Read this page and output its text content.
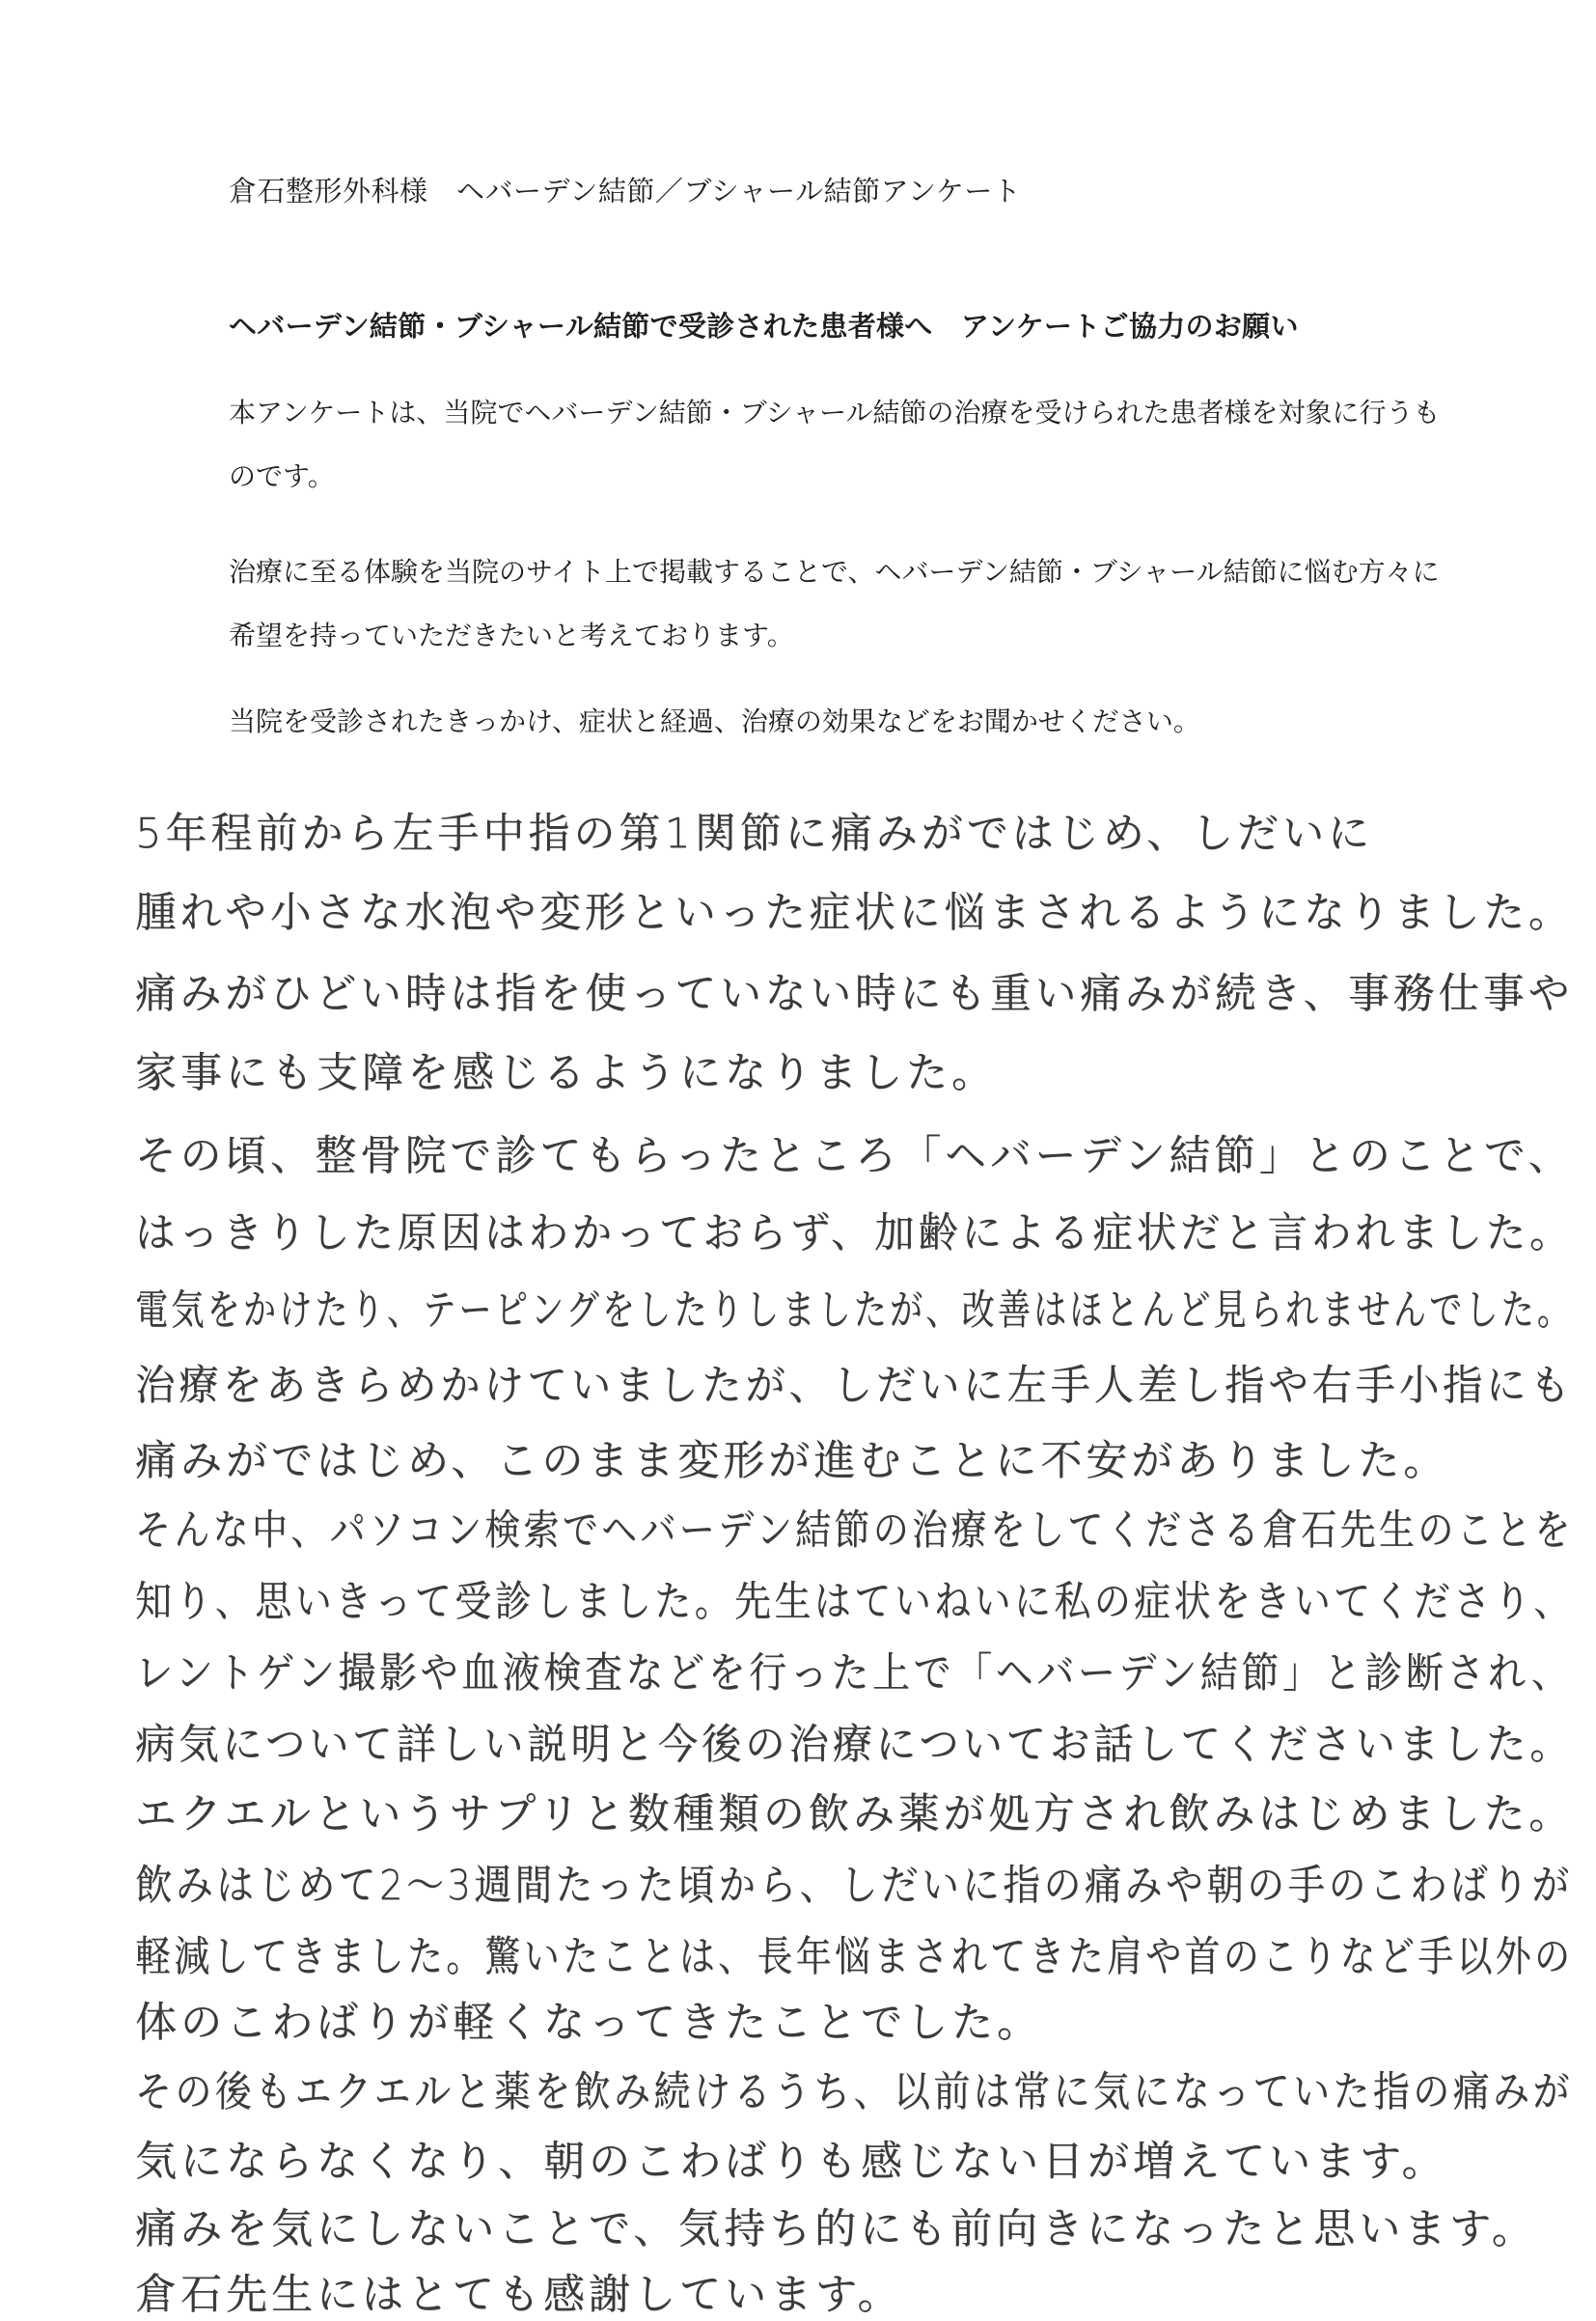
倉石整形外科様　ヘバーデン結節／ブシャール結節アンケート
ヘバーデン結節・ブシャール結節で受診された患者様へ　アンケートご協力のお願い
本アンケートは、当院でヘバーデン結節・ブシャール結節の治療を受けられた患者様を対象に行うものです。
治療に至る体験を当院のサイト上で掲載することで、ヘバーデン結節・ブシャール結節に悩む方々に希望を持っていただきたいと考えております。
当院を受診されたきっかけ、症状と経過、治療の効果などをお聞かせください。
5年程前から左手中指の第1関節に痛みがではじめ、しだいに
腫れや小さな水泡や変形といった症状に悩まされるようになりました。
痛みがひどい時は指を使っていない時にも重い痛みが続き、事務仕事や
家事にも支障を感じるようになりました。
その頃、整骨院で診てもらったところ「ヘバーデン結節」とのことで、
はっきりした原因はわかっておらず、加齢による症状だと言われました。
電気をかけたり、テーピングをしたりしましたが、改善はほとんど見られませんでした。
治療をあきらめかけていましたが、しだいに左手人差し指や右手小指にも
痛みがではじめ、このまま変形が進むことに不安がありました。
そんな中、パソコン検索でヘバーデン結節の治療をしてくださる倉石先生のことを
知り、思いきって受診しました。先生はていねいに私の症状をきいてくださり、
レントゲン撮影や血液検査などを行った上で「ヘバーデン結節」と診断され、
病気について詳しい説明と今後の治療についてお話してくださいました。
エクエルというサプリと数種類の飲み薬が処方され飲みはじめました。
飲みはじめて2〜3週間たった頃から、しだいに指の痛みや朝の手のこわばりが
軽減してきました。驚いたことは、長年悩まされてきた肩や首のこりなど手以外の
体のこわばりが軽くなってきたことでした。
その後もエクエルと薬を飲み続けるうち、以前は常に気になっていた指の痛みが
気にならなくなり、朝のこわばりも感じない日が増えています。
痛みを気にしないことで、気持ち的にも前向きになったと思います。
倉石先生にはとても感謝しています。
